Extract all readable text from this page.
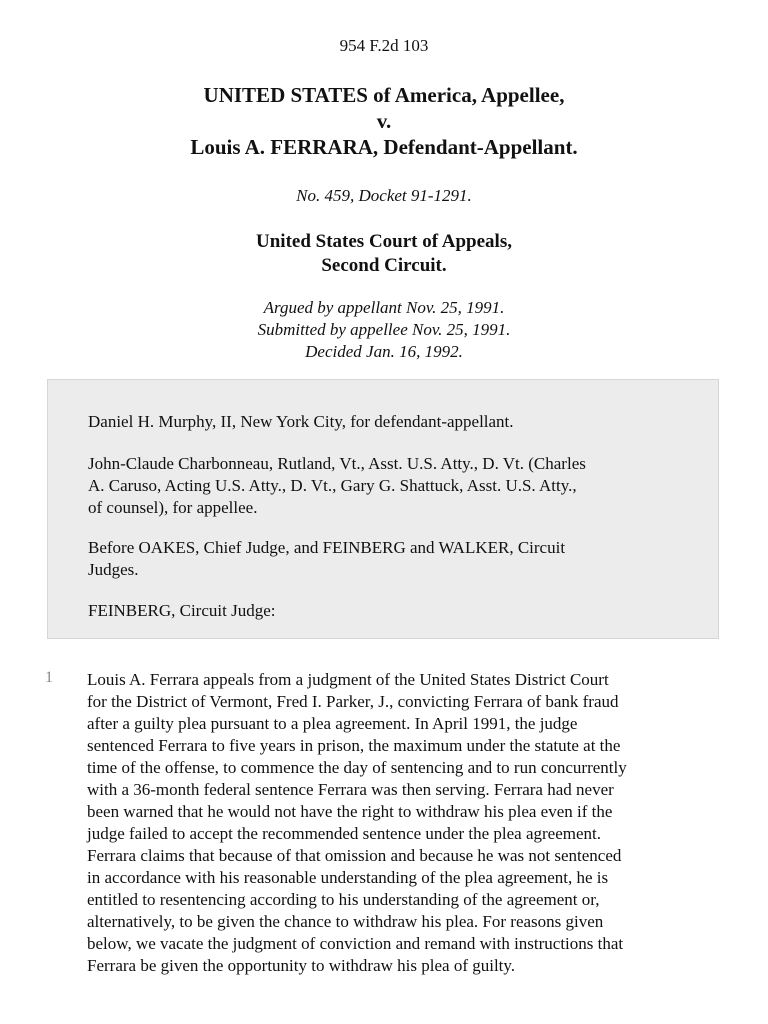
954 F.2d 103
UNITED STATES of America, Appellee,
v.
Louis A. FERRARA, Defendant-Appellant.
No. 459, Docket 91-1291.
United States Court of Appeals,
Second Circuit.
Argued by appellant Nov. 25, 1991.
Submitted by appellee Nov. 25, 1991.
Decided Jan. 16, 1992.

Daniel H. Murphy, II, New York City, for defendant-appellant.

John-Claude Charbonneau, Rutland, Vt., Asst. U.S. Atty., D. Vt. (Charles
A. Caruso, Acting U.S. Atty., D. Vt., Gary G. Shattuck, Asst. U.S. Atty.,
of counsel), for appellee.

Before OAKES, Chief Judge, and FEINBERG and WALKER, Circuit
Judges.

FEINBERG, Circuit Judge:

1 Louis A. Ferrara appeals from a judgment of the United States District Court
for the District of Vermont, Fred I. Parker, J., convicting Ferrara of bank fraud
after a guilty plea pursuant to a plea agreement. In April 1991, the judge
sentenced Ferrara to five years in prison, the maximum under the statute at the
time of the offense, to commence the day of sentencing and to run concurrently
with a 36-month federal sentence Ferrara was then serving. Ferrara had never
been warned that he would not have the right to withdraw his plea even if the
judge failed to accept the recommended sentence under the plea agreement.
Ferrara claims that because of that omission and because he was not sentenced
in accordance with his reasonable understanding of the plea agreement, he is
entitled to resentencing according to his understanding of the agreement or,
alternatively, to be given the chance to withdraw his plea. For reasons given
below, we vacate the judgment of conviction and remand with instructions that
Ferrara be given the opportunity to withdraw his plea of guilty.
